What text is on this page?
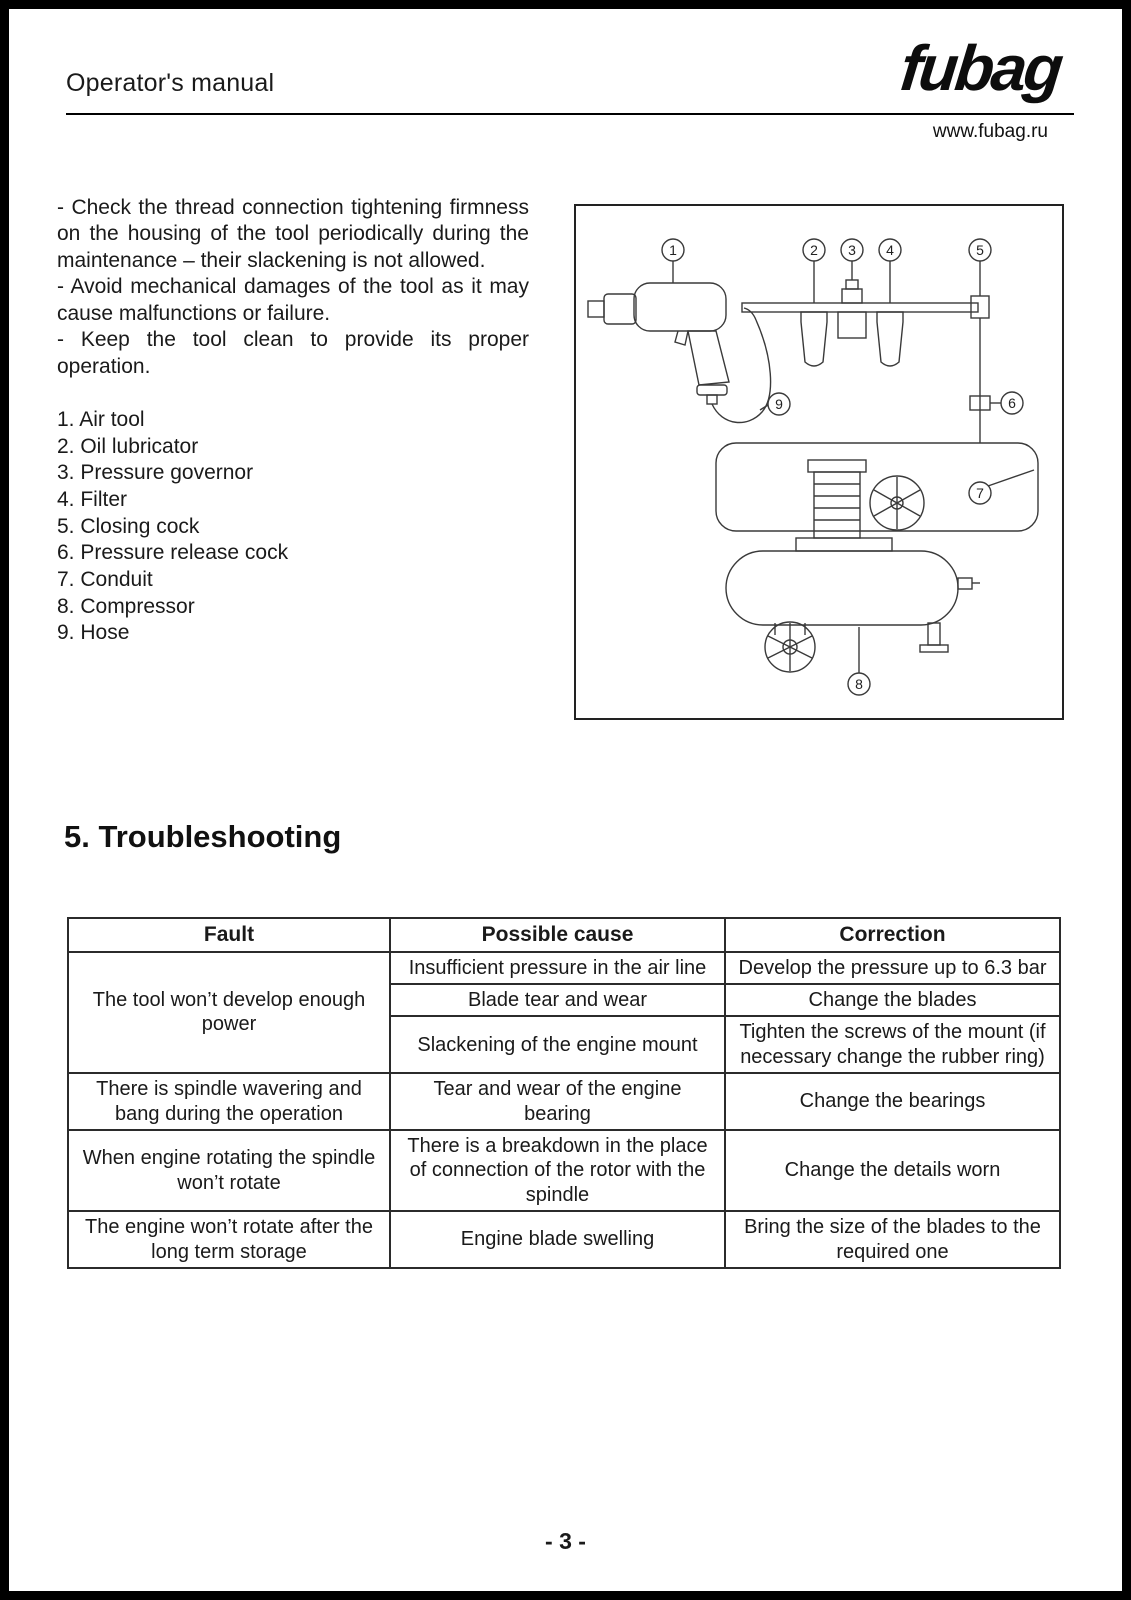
Operator's manual	fubag
www.fubag.ru

- Check the thread connection tightening firmness on the housing of the tool periodically during the maintenance – their slackening is not allowed.

- Avoid mechanical damages of the tool as it may cause malfunctions or failure.

- Keep the tool clean to provide its proper operation.

1. Air tool
2. Oil lubricator
3. Pressure governor
4. Filter
5. Closing cock
6. Pressure release cock
7. Conduit
8. Compressor
9. Hose
1	2 3 4	5
6
7
8
9
5. Troubleshooting
Fault	Possible cause	Correction
The tool won’t develop enough power	Insufficient pressure in the air line	Develop the pressure up to 6.3 bar
	Blade tear and wear	Change the blades
	Slackening of the engine mount	Tighten the screws of the mount (if necessary change the rubber ring)
There is spindle wavering and bang during the operation	Tear and wear of the engine bearing	Change the bearings
When engine rotating the spindle won’t rotate	There is a breakdown in the place of connection of the rotor with the spindle	Change the details worn
The engine won’t rotate after the long term storage	Engine blade swelling	Bring the size of the blades to the required one
- 3 -
